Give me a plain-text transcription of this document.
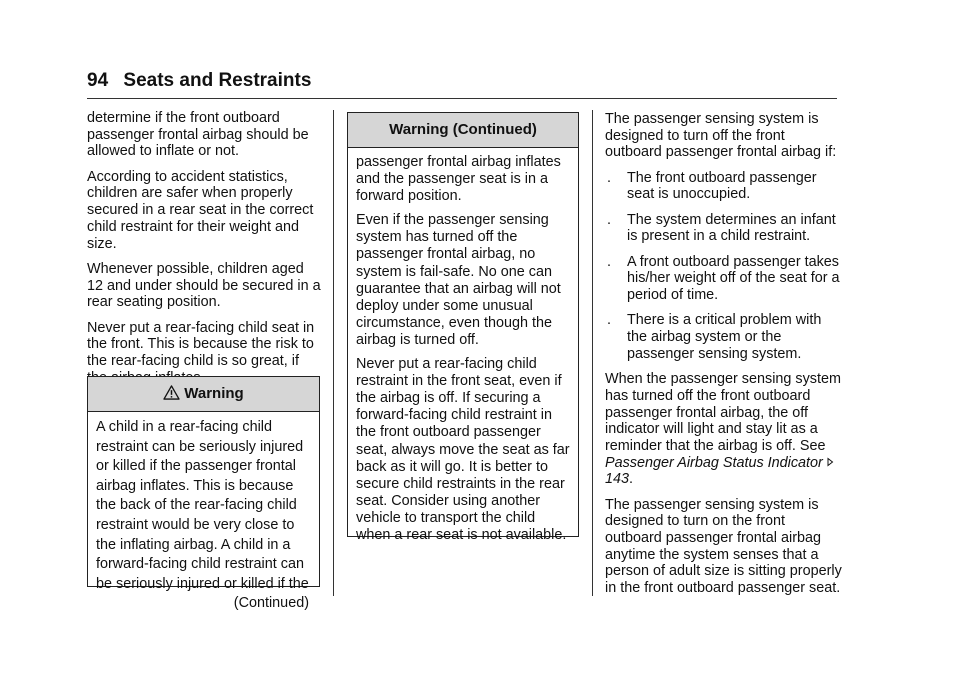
94 Seats and Restraints

determine if the front outboard passenger frontal airbag should be allowed to inflate or not.

According to accident statistics, children are safer when properly secured in a rear seat in the correct child restraint for their weight and size.

Whenever possible, children aged 12 and under should be secured in a rear seating position.

Never put a rear-facing child seat in the front. This is because the risk to the rear-facing child is so great, if

Warning

A child in a rear-facing child restraint can be seriously injured or killed if the passenger frontal airbag inflates. This is because the back of the rear-facing child restraint would be very close to the inflating airbag. A child in a forward-facing child restraint can be seriously injured or killed if the

(Continued)

Warning (Continued)

passenger frontal airbag inflates and the passenger seat is in a forward position.

Even if the passenger sensing system has turned off the passenger frontal airbag, no system is fail-safe. No one can guarantee that an airbag will not deploy under some unusual circumstance, even though the airbag is turned off.

Never put a rear-facing child restraint in the front seat, even if the airbag is off. If securing a forward-facing child restraint in the front outboard passenger seat, always move the seat as far back as it will go. It is better to secure child restraints in the rear seat. Consider using another vehicle to transport the child when a rear seat is not available.

The passenger sensing system is designed to turn off the front outboard passenger frontal airbag if:

.	The front outboard passenger seat is unoccupied.
.	The system determines an infant is present in a child restraint.
.	A front outboard passenger takes his/her weight off of the seat for a period of time.
.	There is a critical problem with the airbag system or the passenger sensing system.

When the passenger sensing system has turned off the front outboard passenger frontal airbag, the off indicator will light and stay lit as a reminder that the airbag is off. See Passenger Airbag Status Indicator143.

The passenger sensing system is designed to turn on the front outboard passenger frontal airbag anytime the system senses that a person of adult size is sitting properly in the front outboard passenger seat.
